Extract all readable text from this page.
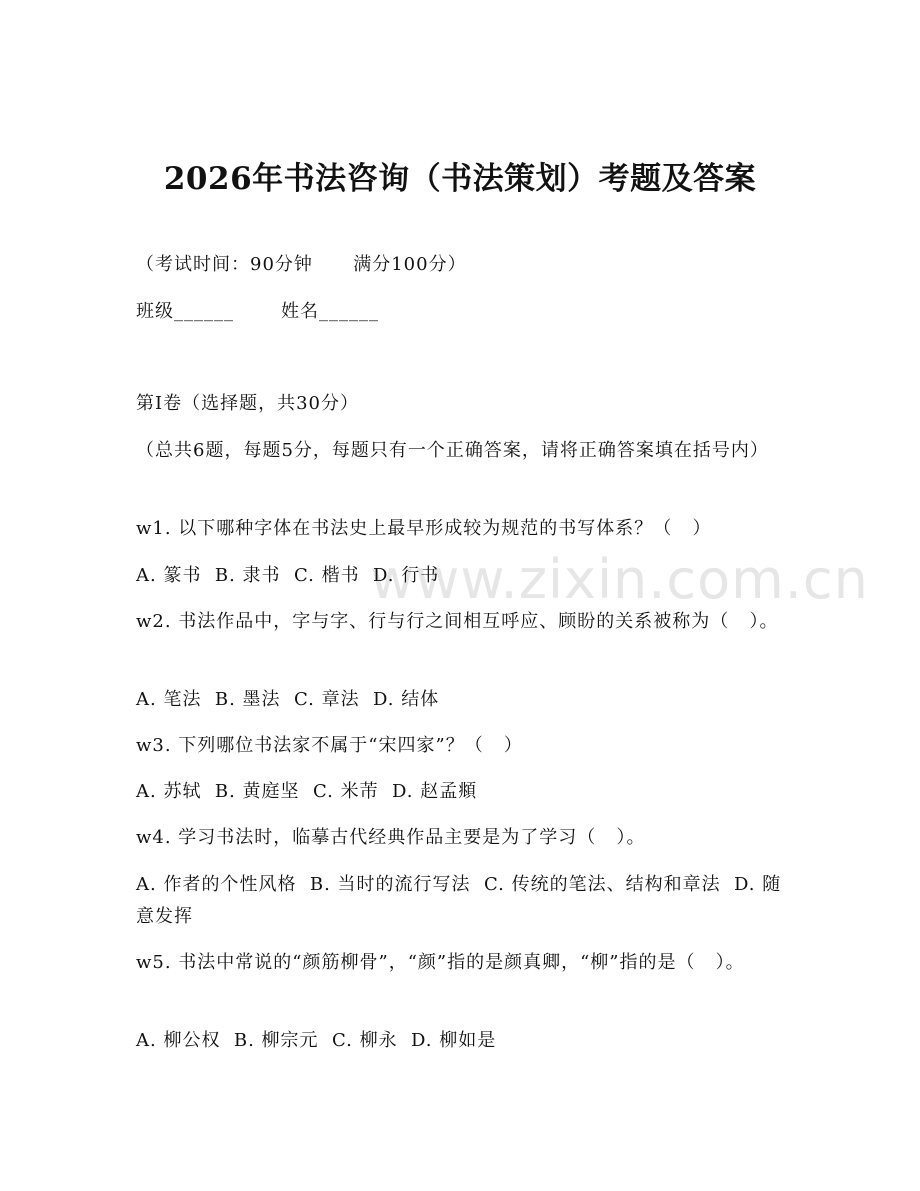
www.zixin.com.cn
2026年书法咨询（书法策划）考题及答案
（考试时间：90分钟      满分100分）
班级______       姓名______
第I卷（选择题，共30分）
（总共6题，每题5分，每题只有一个正确答案，请将正确答案填在括号内）
w1. 以下哪种字体在书法史上最早形成较为规范的书写体系？（   ）
A. 篆书  B. 隶书  C. 楷书  D. 行书
w2. 书法作品中，字与字、行与行之间相互呼应、顾盼的关系被称为（   ）。
A. 笔法  B. 墨法  C. 章法  D. 结体
w3. 下列哪位书法家不属于“宋四家”？（   ）
A. 苏轼  B. 黄庭坚  C. 米芾  D. 赵孟頫
w4. 学习书法时，临摹古代经典作品主要是为了学习（   ）。
A. 作者的个性风格  B. 当时的流行写法  C. 传统的笔法、结构和章法  D. 随意发挥
w5. 书法中常说的“颜筋柳骨”，“颜”指的是颜真卿，“柳”指的是（   ）。
A. 柳公权  B. 柳宗元  C. 柳永  D. 柳如是
